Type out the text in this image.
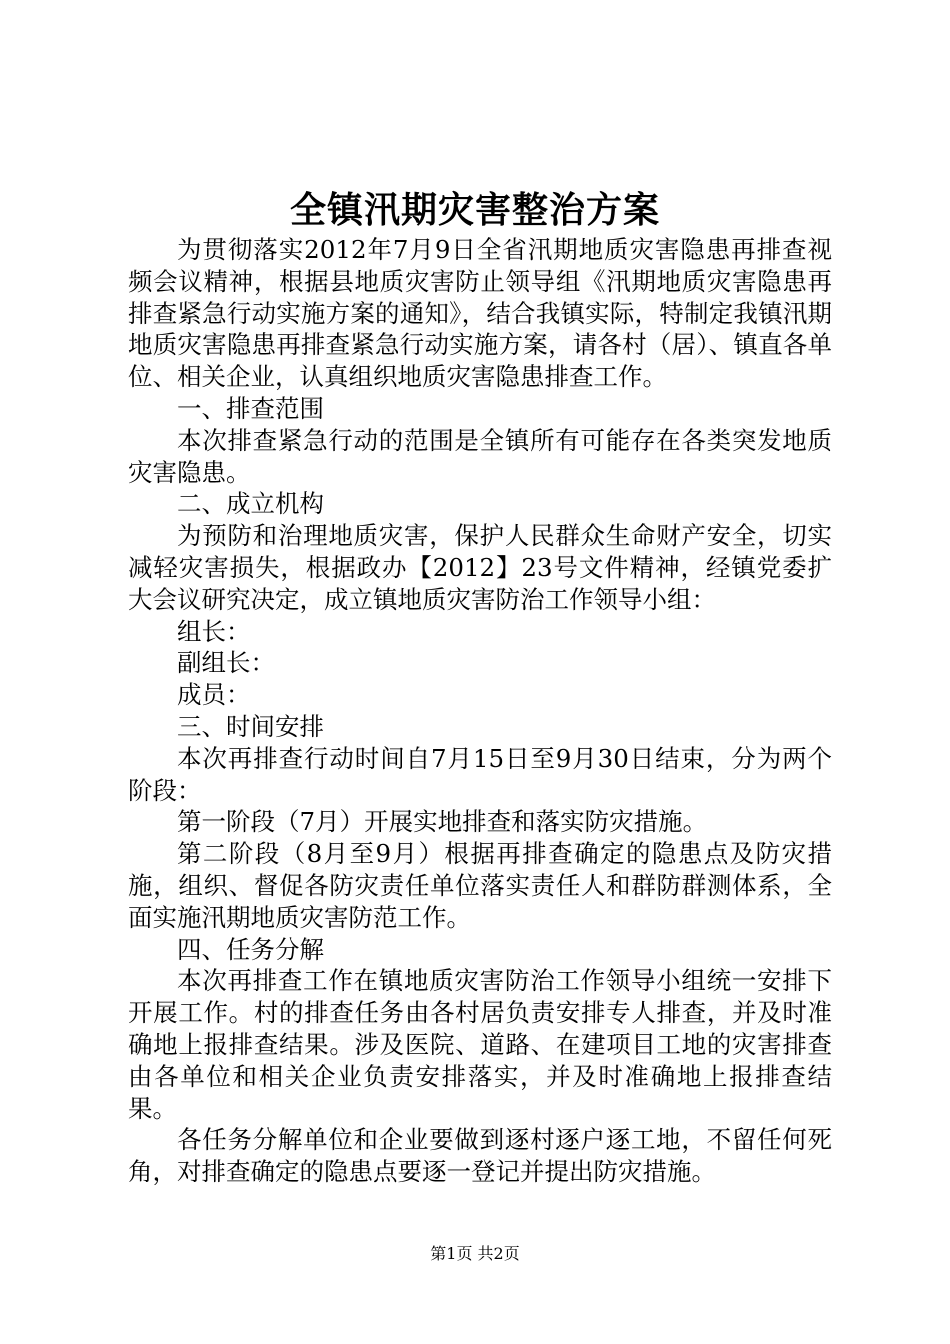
全镇汛期灾害整治方案

为贯彻落实2012年7月9日全省汛期地质灾害隐患再排查视频会议精神，根据县地质灾害防止领导组《汛期地质灾害隐患再排查紧急行动实施方案的通知》，结合我镇实际，特制定我镇汛期地质灾害隐患再排查紧急行动实施方案，请各村（居）、镇直各单位、相关企业，认真组织地质灾害隐患排查工作。

一、排查范围

本次排查紧急行动的范围是全镇所有可能存在各类突发地质灾害隐患。

二、成立机构

为预防和治理地质灾害，保护人民群众生命财产安全，切实减轻灾害损失，根据政办【2012】23号文件精神，经镇党委扩大会议研究决定，成立镇地质灾害防治工作领导小组：

组长：

副组长：

成员：

三、时间安排

本次再排查行动时间自7月15日至9月30日结束，分为两个阶段：

第一阶段（7月）开展实地排查和落实防灾措施。

第二阶段（8月至9月）根据再排查确定的隐患点及防灾措施，组织、督促各防灾责任单位落实责任人和群防群测体系，全面实施汛期地质灾害防范工作。

四、任务分解

本次再排查工作在镇地质灾害防治工作领导小组统一安排下开展工作。村的排查任务由各村居负责安排专人排查，并及时准确地上报排查结果。涉及医院、道路、在建项目工地的灾害排查由各单位和相关企业负责安排落实，并及时准确地上报排查结果。

各任务分解单位和企业要做到逐村逐户逐工地，不留任何死角，对排查确定的隐患点要逐一登记并提出防灾措施。

第1页 共2页
